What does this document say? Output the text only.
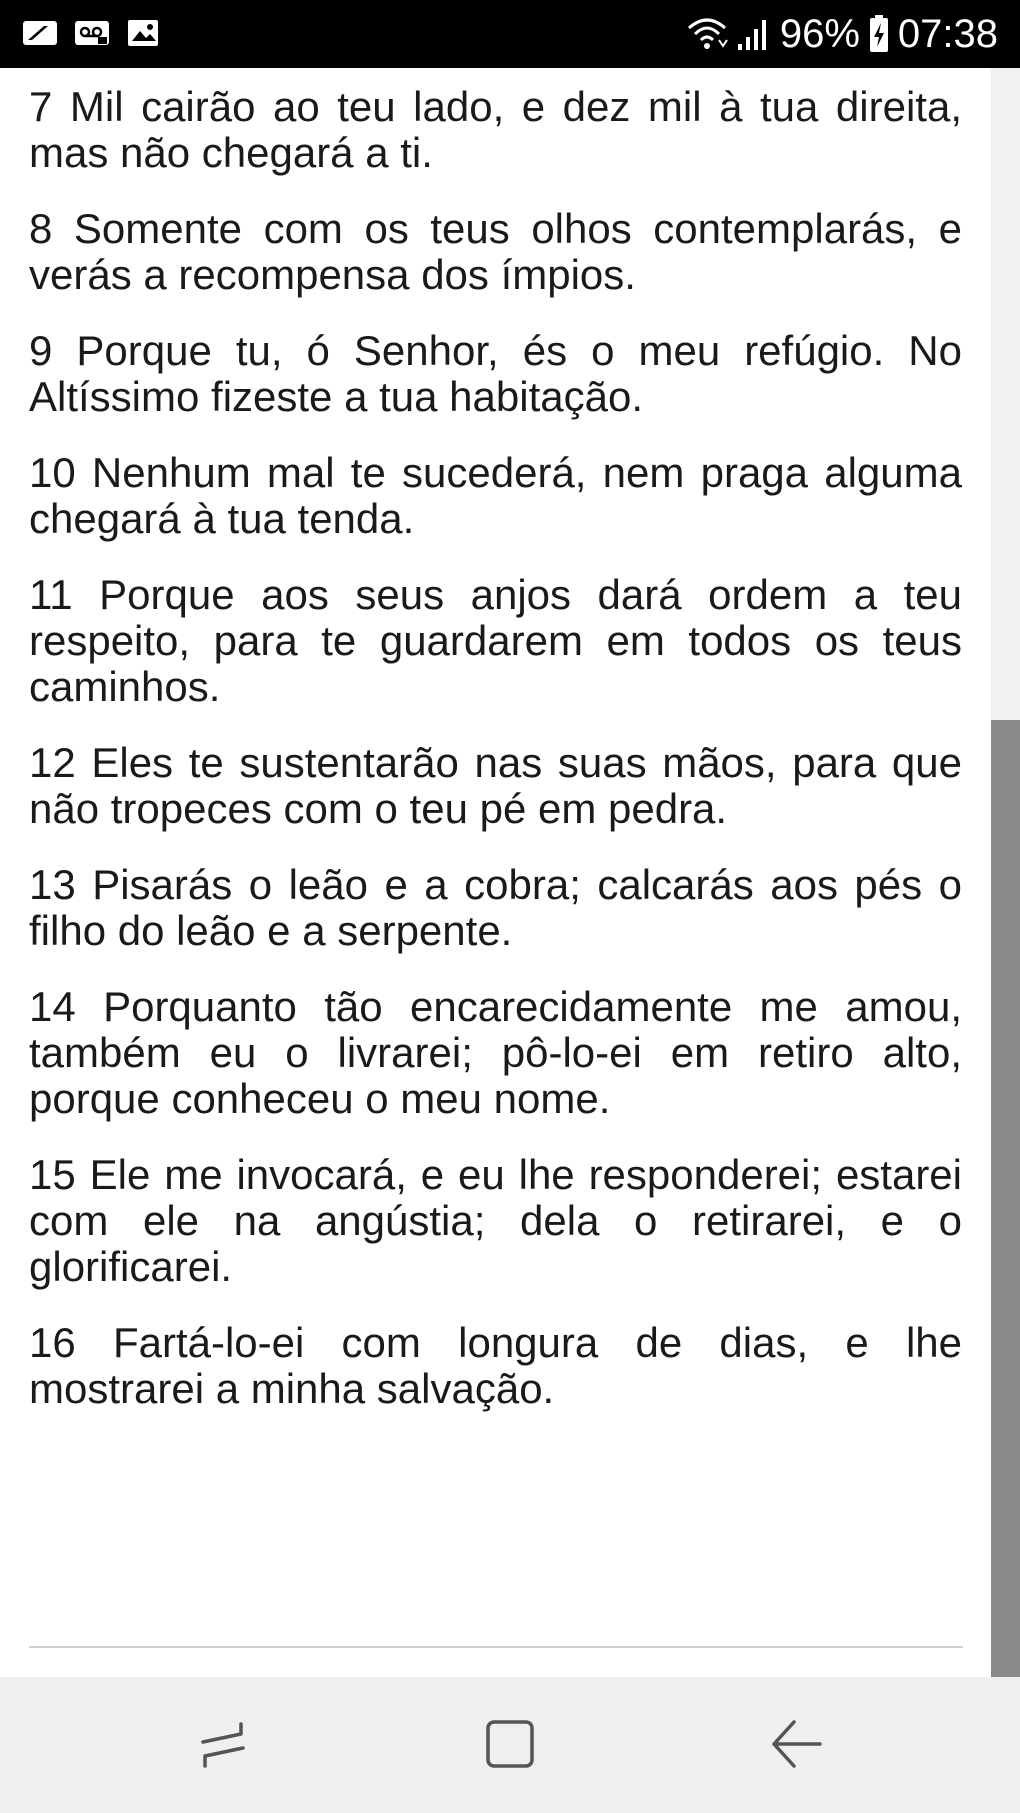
96% 07:38

7 Mil cairão ao teu lado, e dez mil à tua direita, mas não chegará a ti.

8 Somente com os teus olhos contemplarás, e verás a recompensa dos ímpios.

9 Porque tu, ó Senhor, és o meu refúgio. No Altíssimo fizeste a tua habitação.

10 Nenhum mal te sucederá, nem praga alguma chegará à tua tenda.

11 Porque aos seus anjos dará ordem a teu respeito, para te guardarem em todos os teus caminhos.

12 Eles te sustentarão nas suas mãos, para que não tropeces com o teu pé em pedra.

13 Pisarás o leão e a cobra; calcarás aos pés o filho do leão e a serpente.

14 Porquanto tão encarecidamente me amou, também eu o livrarei; pô-lo-ei em retiro alto, porque conheceu o meu nome.

15 Ele me invocará, e eu lhe responderei; estarei com ele na angústia; dela o retirarei, e o glorificarei.

16 Fartá-lo-ei com longura de dias, e lhe mostrarei a minha salvação.
